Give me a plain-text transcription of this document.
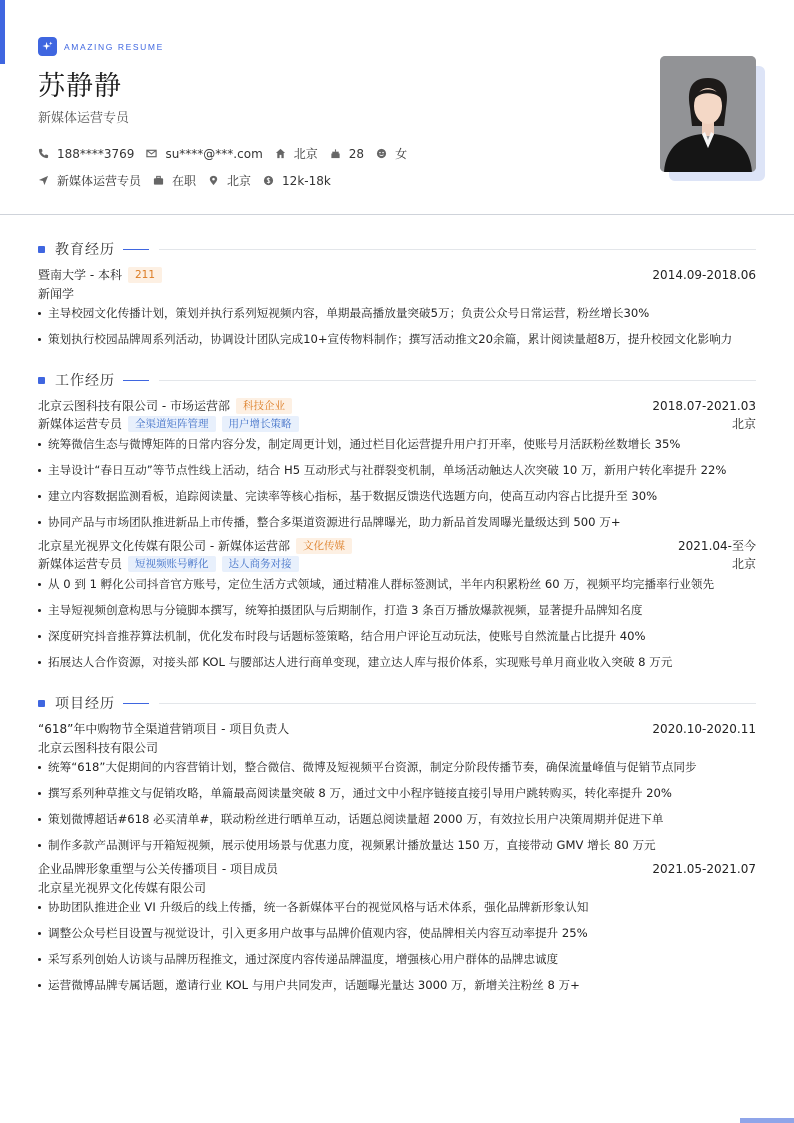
AMAZING RESUME
苏静静
新媒体运营专员
188****3769	su****@***.com	北京	28	女
新媒体运营专员	在职	北京	12k-18k
教育经历
暨南大学 - 本科	211	2014.09-2018.06
新闻学
主导校园文化传播计划，策划并执行系列短视频内容，单期最高播放量突破5万；负责公众号日常运营，粉丝增长30%
策划执行校园品牌周系列活动，协调设计团队完成10+宣传物料制作；撰写活动推文20余篇，累计阅读量超8万，提升校园文化影响力
工作经历
北京云图科技有限公司 - 市场运营部	科技企业	2018.07-2021.03
新媒体运营专员	全渠道矩阵管理	用户增长策略	北京
统筹微信生态与微博矩阵的日常内容分发，制定周更计划，通过栏目化运营提升用户打开率，使账号月活跃粉丝数增长 35%
主导设计“春日互动”等节点性线上活动，结合 H5 互动形式与社群裂变机制，单场活动触达人次突破 10 万，新用户转化率提升 22%
建立内容数据监测看板，追踪阅读量、完读率等核心指标，基于数据反馈迭代选题方向，使高互动内容占比提升至 30%
协同产品与市场团队推进新品上市传播，整合多渠道资源进行品牌曝光，助力新品首发周曝光量级达到 500 万+
北京星光视界文化传媒有限公司 - 新媒体运营部	文化传媒	2021.04-至今
新媒体运营专员	短视频账号孵化	达人商务对接	北京
从 0 到 1 孵化公司抖音官方账号，定位生活方式领域，通过精准人群标签测试，半年内积累粉丝 60 万，视频平均完播率行业领先
主导短视频创意构思与分镜脚本撰写，统筹拍摄团队与后期制作，打造 3 条百万播放爆款视频，显著提升品牌知名度
深度研究抖音推荐算法机制，优化发布时段与话题标签策略，结合用户评论互动玩法，使账号自然流量占比提升 40%
拓展达人合作资源，对接头部 KOL 与腰部达人进行商单变现，建立达人库与报价体系，实现账号单月商业收入突破 8 万元
项目经历
“618”年中购物节全渠道营销项目 - 项目负责人	2020.10-2020.11
北京云图科技有限公司
统筹“618”大促期间的内容营销计划，整合微信、微博及短视频平台资源，制定分阶段传播节奏，确保流量峰值与促销节点同步
撰写系列种草推文与促销攻略，单篇最高阅读量突破 8 万，通过文中小程序链接直接引导用户跳转购买，转化率提升 20%
策划微博超话#618 必买清单#，联动粉丝进行晒单互动，话题总阅读量超 2000 万，有效拉长用户决策周期并促进下单
制作多款产品测评与开箱短视频，展示使用场景与优惠力度，视频累计播放量达 150 万，直接带动 GMV 增长 80 万元
企业品牌形象重塑与公关传播项目 - 项目成员	2021.05-2021.07
北京星光视界文化传媒有限公司
协助团队推进企业 VI 升级后的线上传播，统一各新媒体平台的视觉风格与话术体系，强化品牌新形象认知
调整公众号栏目设置与视觉设计，引入更多用户故事与品牌价值观内容，使品牌相关内容互动率提升 25%
采写系列创始人访谈与品牌历程推文，通过深度内容传递品牌温度，增强核心用户群体的品牌忠诚度
运营微博品牌专属话题，邀请行业 KOL 与用户共同发声，话题曝光量达 3000 万，新增关注粉丝 8 万+
